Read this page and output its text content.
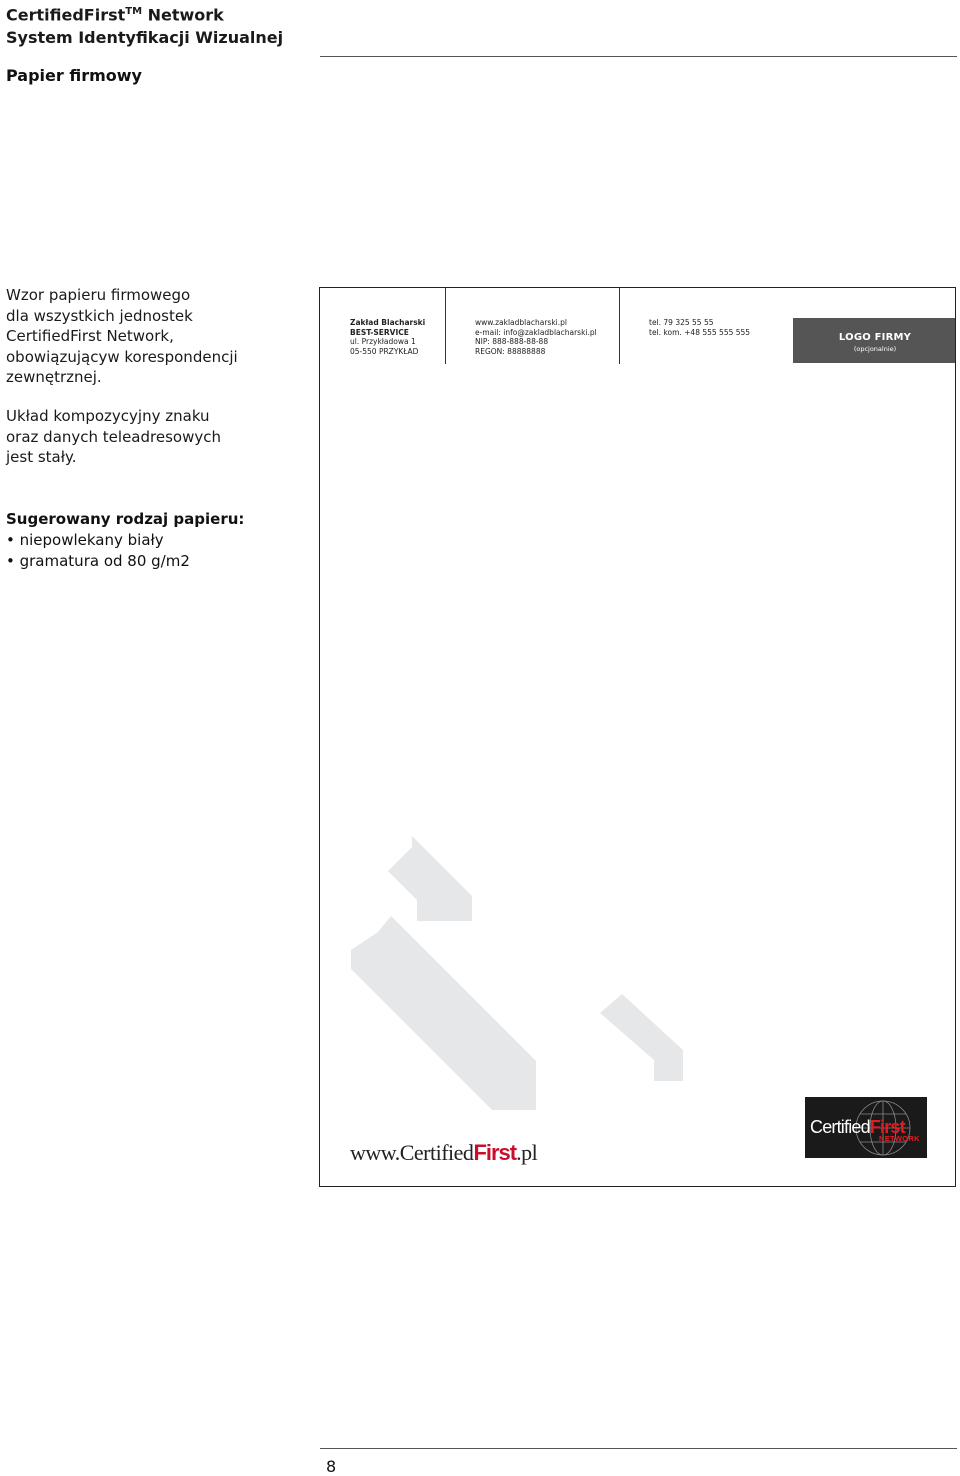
CertifiedFirst™ Network
System Identyfikacji Wizualnej
Papier firmowy

Wzor papieru firmowego
dla wszystkich jednostek
CertifiedFirst Network,
obowiązującyw korespondencji
zewnętrznej.

Układ kompozycyjny znaku
oraz danych teleadresowych
jest stały.

Sugerowany rodzaj papieru:
• niepowlekany biały
• gramatura od 80 g/m2
Zakład Blacharski
BEST-SERVICE
ul. Przykładowa 1
05-550 PRZYKŁAD
www.zakladblacharski.pl
e-mail: info@zakladblacharski.pl
NIP: 888-888-88-88
REGON: 88888888
tel. 79 325 55 55
tel. kom. +48 555 555 555	LOGO FIRMY
(opcjonalnie)
www.CertifiedFirst.pl
CertifiedFirst
NETWORK
8
